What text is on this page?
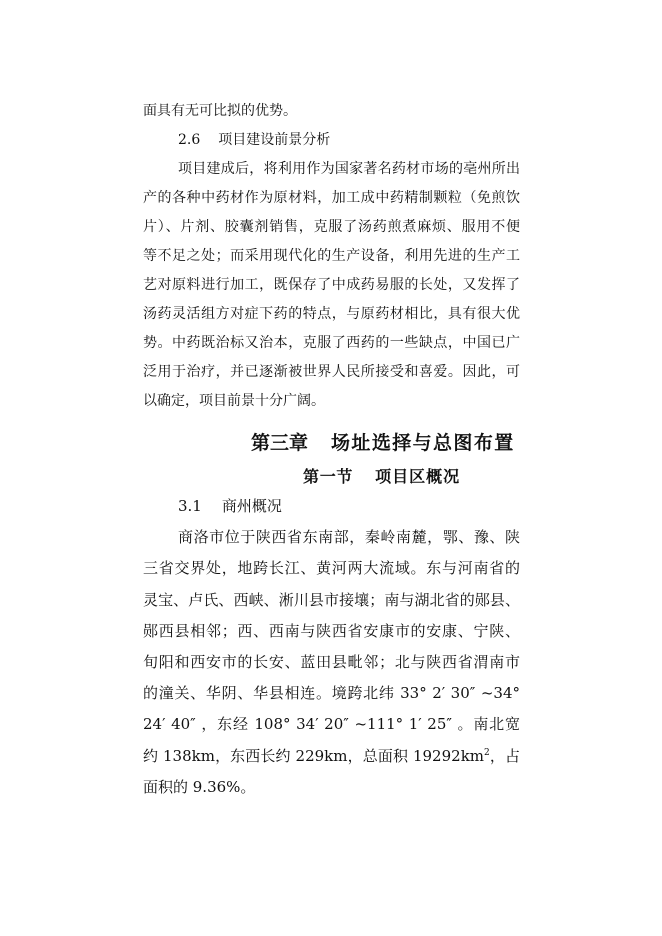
面具有无可比拟的优势。
2.6 项目建设前景分析
项目建成后，将利用作为国家著名药材市场的亳州所出
产的各种中药材作为原材料，加工成中药精制颗粒（免煎饮
片）、片剂、胶囊剂销售，克服了汤药煎煮麻烦、服用不便
等不足之处；而采用现代化的生产设备，利用先进的生产工
艺对原料进行加工，既保存了中成药易服的长处，又发挥了
汤药灵活组方对症下药的特点，与原药材相比，具有很大优
势。中药既治标又治本，克服了西药的一些缺点，中国已广
泛用于治疗，并已逐渐被世界人民所接受和喜爱。因此，可
以确定，项目前景十分广阔。
第三章 场址选择与总图布置
第一节 项目区概况
3.1 商州概况
商洛市位于陕西省东南部，秦岭南麓，鄂、豫、陕
三省交界处，地跨长江、黄河两大流域。东与河南省的
灵宝、卢氏、西峡、淅川县市接壤；南与湖北省的郧县、
郧西县相邻；西、西南与陕西省安康市的安康、宁陕、
旬阳和西安市的长安、蓝田县毗邻；北与陕西省渭南市
的潼关、华阴、华县相连。境跨北纬 33° 2′ 30″ ~34°
24′ 40″ ，东经 108° 34′ 20″ ~111° 1′ 25″ 。南北宽
约 138km，东西长约 229km，总面积 $19292km^2$，占
面积的 9.36%。
